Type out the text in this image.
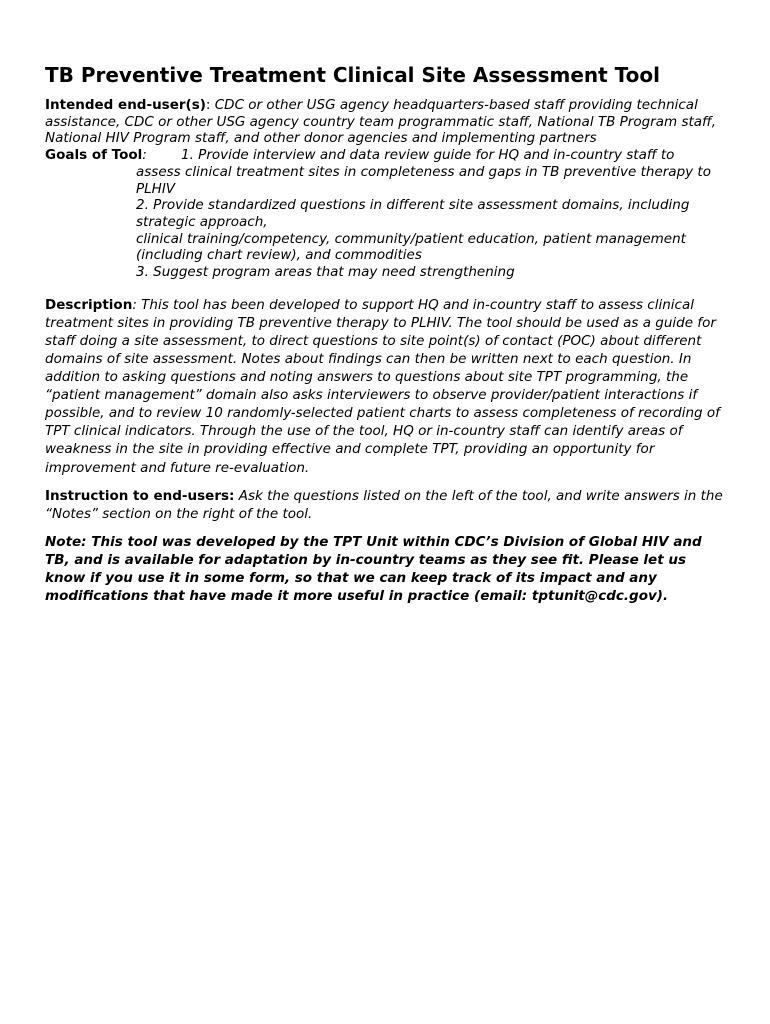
TB Preventive Treatment Clinical Site Assessment Tool

Intended end-user(s): CDC or other USG agency headquarters-based staff providing technical assistance, CDC or other USG agency country team programmatic staff, National TB Program staff, National HIV Program staff, and other donor agencies and implementing partners

Goals of Tool:	1. Provide interview and data review guide for HQ and in-country staff to
assess clinical treatment sites in completeness and gaps in TB preventive therapy to PLHIV
2. Provide standardized questions in different site assessment domains, including strategic approach,
clinical training/competency, community/patient education, patient management (including chart review), and commodities
3. Suggest program areas that may need strengthening

Description: This tool has been developed to support HQ and in-country staff to assess clinical treatment sites in providing TB preventive therapy to PLHIV. The tool should be used as a guide for staff doing a site assessment, to direct questions to site point(s) of contact (POC) about different domains of site assessment. Notes about findings can then be written next to each question. In addition to asking questions and noting answers to questions about site TPT programming, the “patient management” domain also asks interviewers to observe provider/patient interactions if possible, and to review 10 randomly-selected patient charts to assess completeness of recording of TPT clinical indicators. Through the use of the tool, HQ or in-country staff can identify areas of weakness in the site in providing effective and complete TPT, providing an opportunity for improvement and future re-evaluation.

Instruction to end-users: Ask the questions listed on the left of the tool, and write answers in the “Notes” section on the right of the tool.

Note: This tool was developed by the TPT Unit within CDC’s Division of Global HIV and TB, and is available for adaptation by in-country teams as they see fit. Please let us know if you use it in some form, so that we can keep track of its impact and any modifications that have made it more useful in practice (email: tptunit@cdc.gov).
